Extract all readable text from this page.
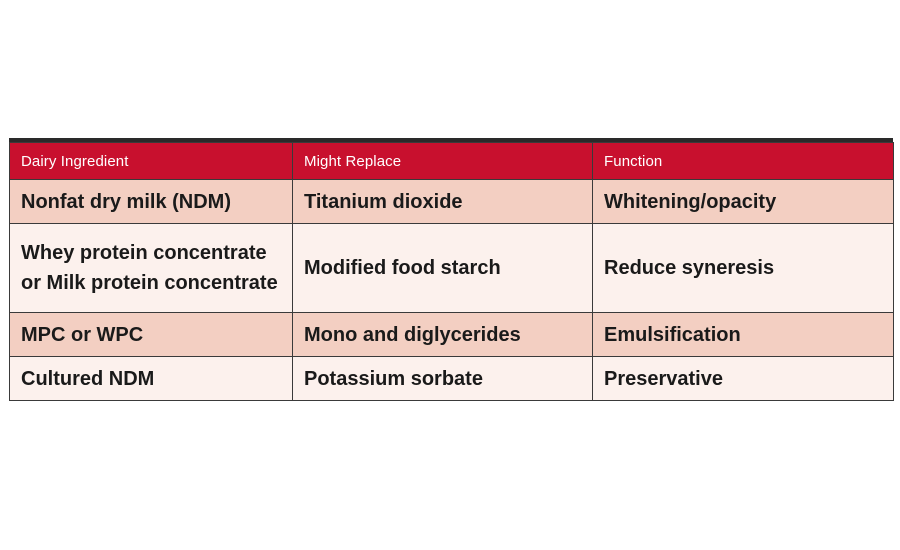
Dairy Ingredient	Might Replace	Function
Nonfat dry milk (NDM)	Titanium dioxide	Whitening/opacity
Whey protein concentrate or Milk protein concentrate	Modified food starch	Reduce syneresis
MPC or WPC	Mono and diglycerides	Emulsification
Cultured NDM	Potassium sorbate	Preservative
